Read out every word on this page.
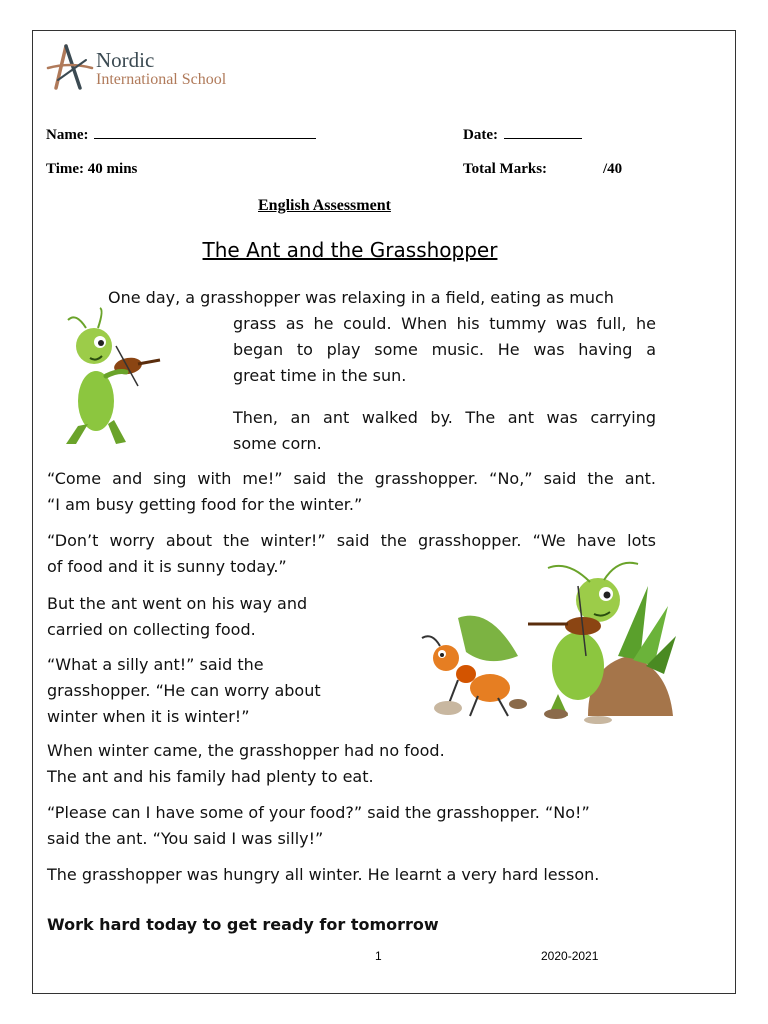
Nordic
International School
Name:	Date:
Time: 40 mins	Total Marks:	/40
English Assessment
The Ant and the Grasshopper
One day, a grasshopper was relaxing in a field, eating as much
grass as he could. When his tummy was full, he
began to play some music. He was having a
great time in the sun.
Then, an ant walked by. The ant was carrying
some corn.
“Come and sing with me!” said the grasshopper. “No,” said the ant.
“I am busy getting food for the winter.”
“Don’t worry about the winter!” said the grasshopper. “We have lots
of food and it is sunny today.”
But the ant went on his way and
carried on collecting food.
“What a silly ant!” said the
grasshopper. “He can worry about
winter when it is winter!”
When winter came, the grasshopper had no food.
The ant and his family had plenty to eat.
“Please can I have some of your food?” said the grasshopper. “No!”
said the ant. “You said I was silly!”
The grasshopper was hungry all winter. He learnt a very hard lesson.
Work hard today to get ready for tomorrow
1	2020-2021
